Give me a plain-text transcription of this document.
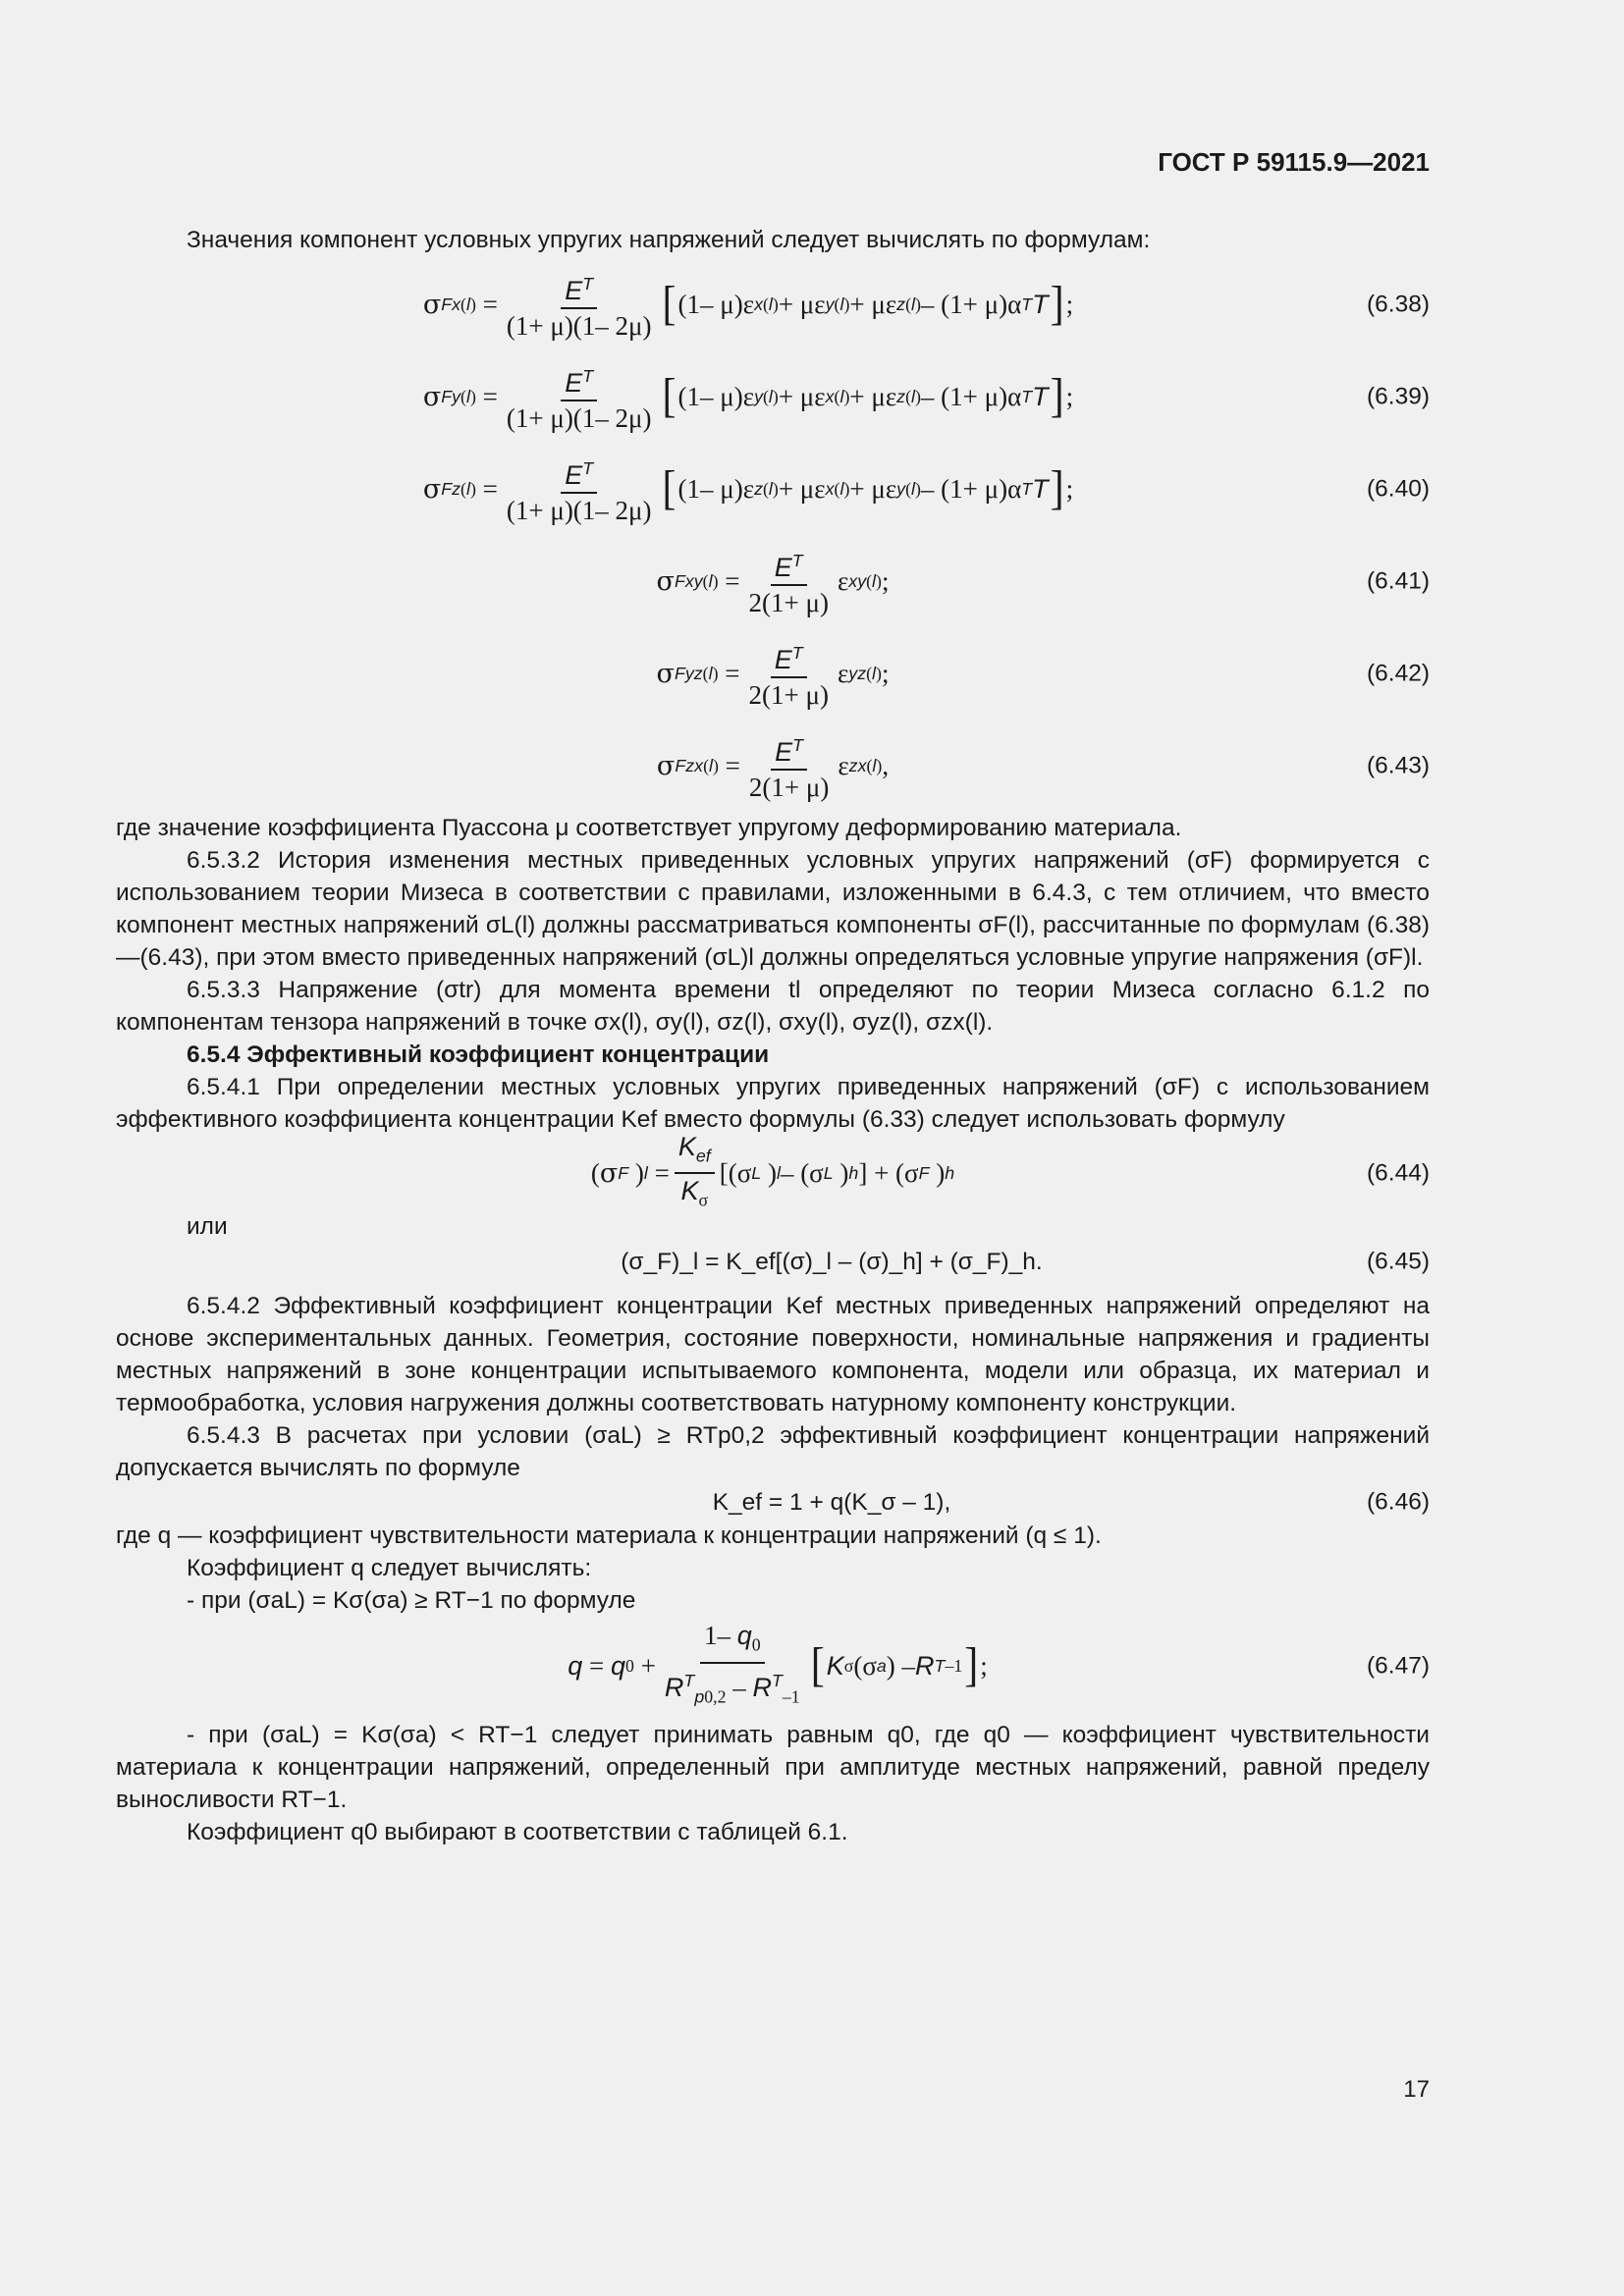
ГОСТ Р 59115.9—2021

Значения компонент условных упругих напряжений следует вычислять по формулам:

σ $Fx(l) = \frac{E^T}{(1+ \mu)(1- 2\mu)}$ [ (1– μ)ε x(l) + με y(l) + με z(l) – (1+ μ)α T T ] ;	(6.38)
σ $Fy(l) = \frac{E^T}{(1+ \mu)(1- 2\mu)}$ [ (1– μ)ε y(l) + με x(l) + με z(l) – (1+ μ)α T T ] ;	(6.39)
σ $Fz(l) = \frac{E^T}{(1+ \mu)(1- 2\mu)}$ [ (1– μ)ε z(l) + με x(l) + με y(l) – (1+ μ)α T T ] ;	(6.40)
σ $Fxy(l) = \frac{E^T}{2(1+ \mu)}$ ε xy(l) ;	(6.41)
σ $Fyz(l) = \frac{E^T}{2(1+ \mu)}$ ε yz(l) ;	(6.42)
σ $Fzx(l) = \frac{E^T}{2(1+ \mu)}$ ε zx(l) ,	(6.43)

где значение коэффициента Пуассона μ соответствует упругому деформированию материала.

6.5.3.2 История изменения местных приведенных условных упругих напряжений (σF) формируется с использованием теории Мизеса в соответствии с правилами, изложенными в 6.4.3, с тем отличием, что вместо компонент местных напряжений σL(l) должны рассматриваться компоненты σF(l), рассчитанные по формулам (6.38)—(6.43), при этом вместо приведенных напряжений (σL)l должны определяться условные упругие напряжения (σF)l.

6.5.3.3 Напряжение (σtr) для момента времени tl определяют по теории Мизеса согласно 6.1.2 по компонентам тензора напряжений в точке σx(l), σy(l), σz(l), σxy(l), σyz(l), σzx(l).

6.5.4 Эффективный коэффициент концентрации

6.5.4.1 При определении местных условных упругих приведенных напряжений (σF) с использованием эффективного коэффициента концентрации Kef вместо формулы (6.33) следует использовать формулу

( σ F ) $l = \frac{K_{ef}}{K_\sigma} [(\sigma$ L ) l – (σ L ) h ] + (σ F ) h	(6.44)

или

(σ_F)_l = K_ef[(σ)_l – (σ)_h] + (σ_F)_h.	(6.45)

6.5.4.2 Эффективный коэффициент концентрации Kef местных приведенных напряжений определяют на основе экспериментальных данных. Геометрия, состояние поверхности, номинальные напряжения и градиенты местных напряжений в зоне концентрации испытываемого компонента, модели или образца, их материал и термообработка, условия нагружения должны соответствовать натурному компоненту конструкции.

6.5.4.3 В расчетах при условии (σaL) ≥ RTp0,2 эффективный коэффициент концентрации напряжений допускается вычислять по формуле

K_ef = 1 + q(K_σ – 1),	(6.46)

где q — коэффициент чувствительности материала к концентрации напряжений (q ≤ 1).

Коэффициент q следует вычислять:

- при (σaL) = Kσ(σa) ≥ RT−1 по формуле

q = q $0 + \frac{1- q_0}{R^T_{p0,2} - R^T_{-1}}$ [ K σ (σ a ) – R T –1 ] ;	(6.47)

- при (σaL) = Kσ(σa) < RT−1 следует принимать равным q0, где q0 — коэффициент чувствительности материала к концентрации напряжений, определенный при амплитуде местных напряжений, равной пределу выносливости RT−1.

Коэффициент q0 выбирают в соответствии с таблицей 6.1.

17
